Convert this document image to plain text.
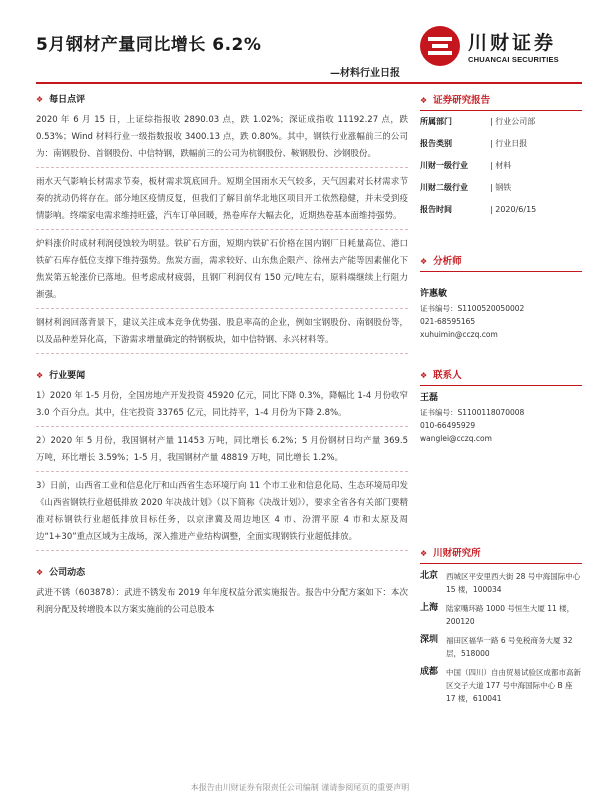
5月钢材产量同比增长 6.2%
—材料行业日报
川财证券
CHUANCAI SECURITIES
❖ 每日点评
2020 年 6 月 15 日，上证综指报收 2890.03 点，跌 1.02%；深证成指收 11192.27 点，跌 0.53%；Wind 材料行业一级指数报收 3400.13 点，跌 0.80%。其中，钢铁行业涨幅前三的公司为：南钢股份、首钢股份、中信特钢，跌幅前三的公司为杭钢股份、鞍钢股份、沙钢股份。
雨水天气影响长材需求节奏，板材需求筑底回升。短期全国雨水天气较多，天气因素对长材需求节奏的扰动仍将存在。部分地区疫情反复，但我们了解目前华北地区项目开工依然稳健，并未受到疫情影响。终端家电需求维持旺盛，汽车订单回暖，热卷库存大幅去化，近期热卷基本面维持强势。
炉料涨价时成材利润侵蚀较为明显。铁矿石方面，短期内铁矿石价格在国内钢厂日耗量高位、港口铁矿石库存低位支撑下维持强势。焦炭方面，需求较好、山东焦企限产、徐州去产能等因素催化下焦炭第五轮涨价已落地。但考虑成材疲弱，且钢厂利润仅有 150 元/吨左右，原料端继续上行阻力渐强。
钢材利润回落背景下，建议关注成本竞争优势强、股息率高的企业，例如宝钢股份、南钢股份等，以及品种差异化高，下游需求增量确定的特钢板块，如中信特钢、永兴材料等。
❖ 行业要闻
1）2020 年 1-5 月份，全国房地产开发投资 45920 亿元，同比下降 0.3%，降幅比 1-4 月份收窄 3.0 个百分点。其中，住宅投资 33765 亿元，同比持平，1-4 月份为下降 2.8%。
2）2020 年 5 月份，我国钢材产量 11453 万吨，同比增长 6.2%；5 月份钢材日均产量 369.5 万吨，环比增长 3.59%；1-5 月，我国钢材产量 48819 万吨，同比增长 1.2%。
3）日前，山西省工业和信息化厅和山西省生态环境厅向 11 个市工业和信息化局、生态环境局印发《山西省钢铁行业超低排放 2020 年决战计划》（以下简称《决战计划》），要求全省各有关部门要精准对标钢铁行业超低排放目标任务，以京津冀及周边地区 4 市、汾渭平原 4 市和太原及周边“1+30”重点区域为主战场，深入推进产业结构调整，全面实现钢铁行业超低排放。
❖ 公司动态
武进不锈（603878）：武进不锈发布 2019 年年度权益分派实施报告。报告中分配方案如下：本次利润分配及转增股本以方案实施前的公司总股本
❖ 证券研究报告
所属部门	| 行业公司部
报告类别	| 行业日报
川财一级行业	| 材料
川财二级行业	| 钢铁
报告时间	| 2020/6/15
❖ 分析师
许惠敏
证书编号：S1100520050002
021-68595165
xuhuimin@cczq.com
❖ 联系人
王磊
证书编号：S1100118070008
010-66495929
wanglei@cczq.com
❖ 川财研究所
北京	西城区平安里西大街 28 号中海国际中心 15 楼，100034
上海	陆家嘴环路 1000 号恒生大厦 11 楼，200120
深圳	福田区福华一路 6 号免税商务大厦 32 层，518000
成都	中国（四川）自由贸易试验区成都市高新区交子大道 177 号中海国际中心 B 座 17 楼，610041
本报告由川财证券有限责任公司编制 谨请参阅尾页的重要声明
